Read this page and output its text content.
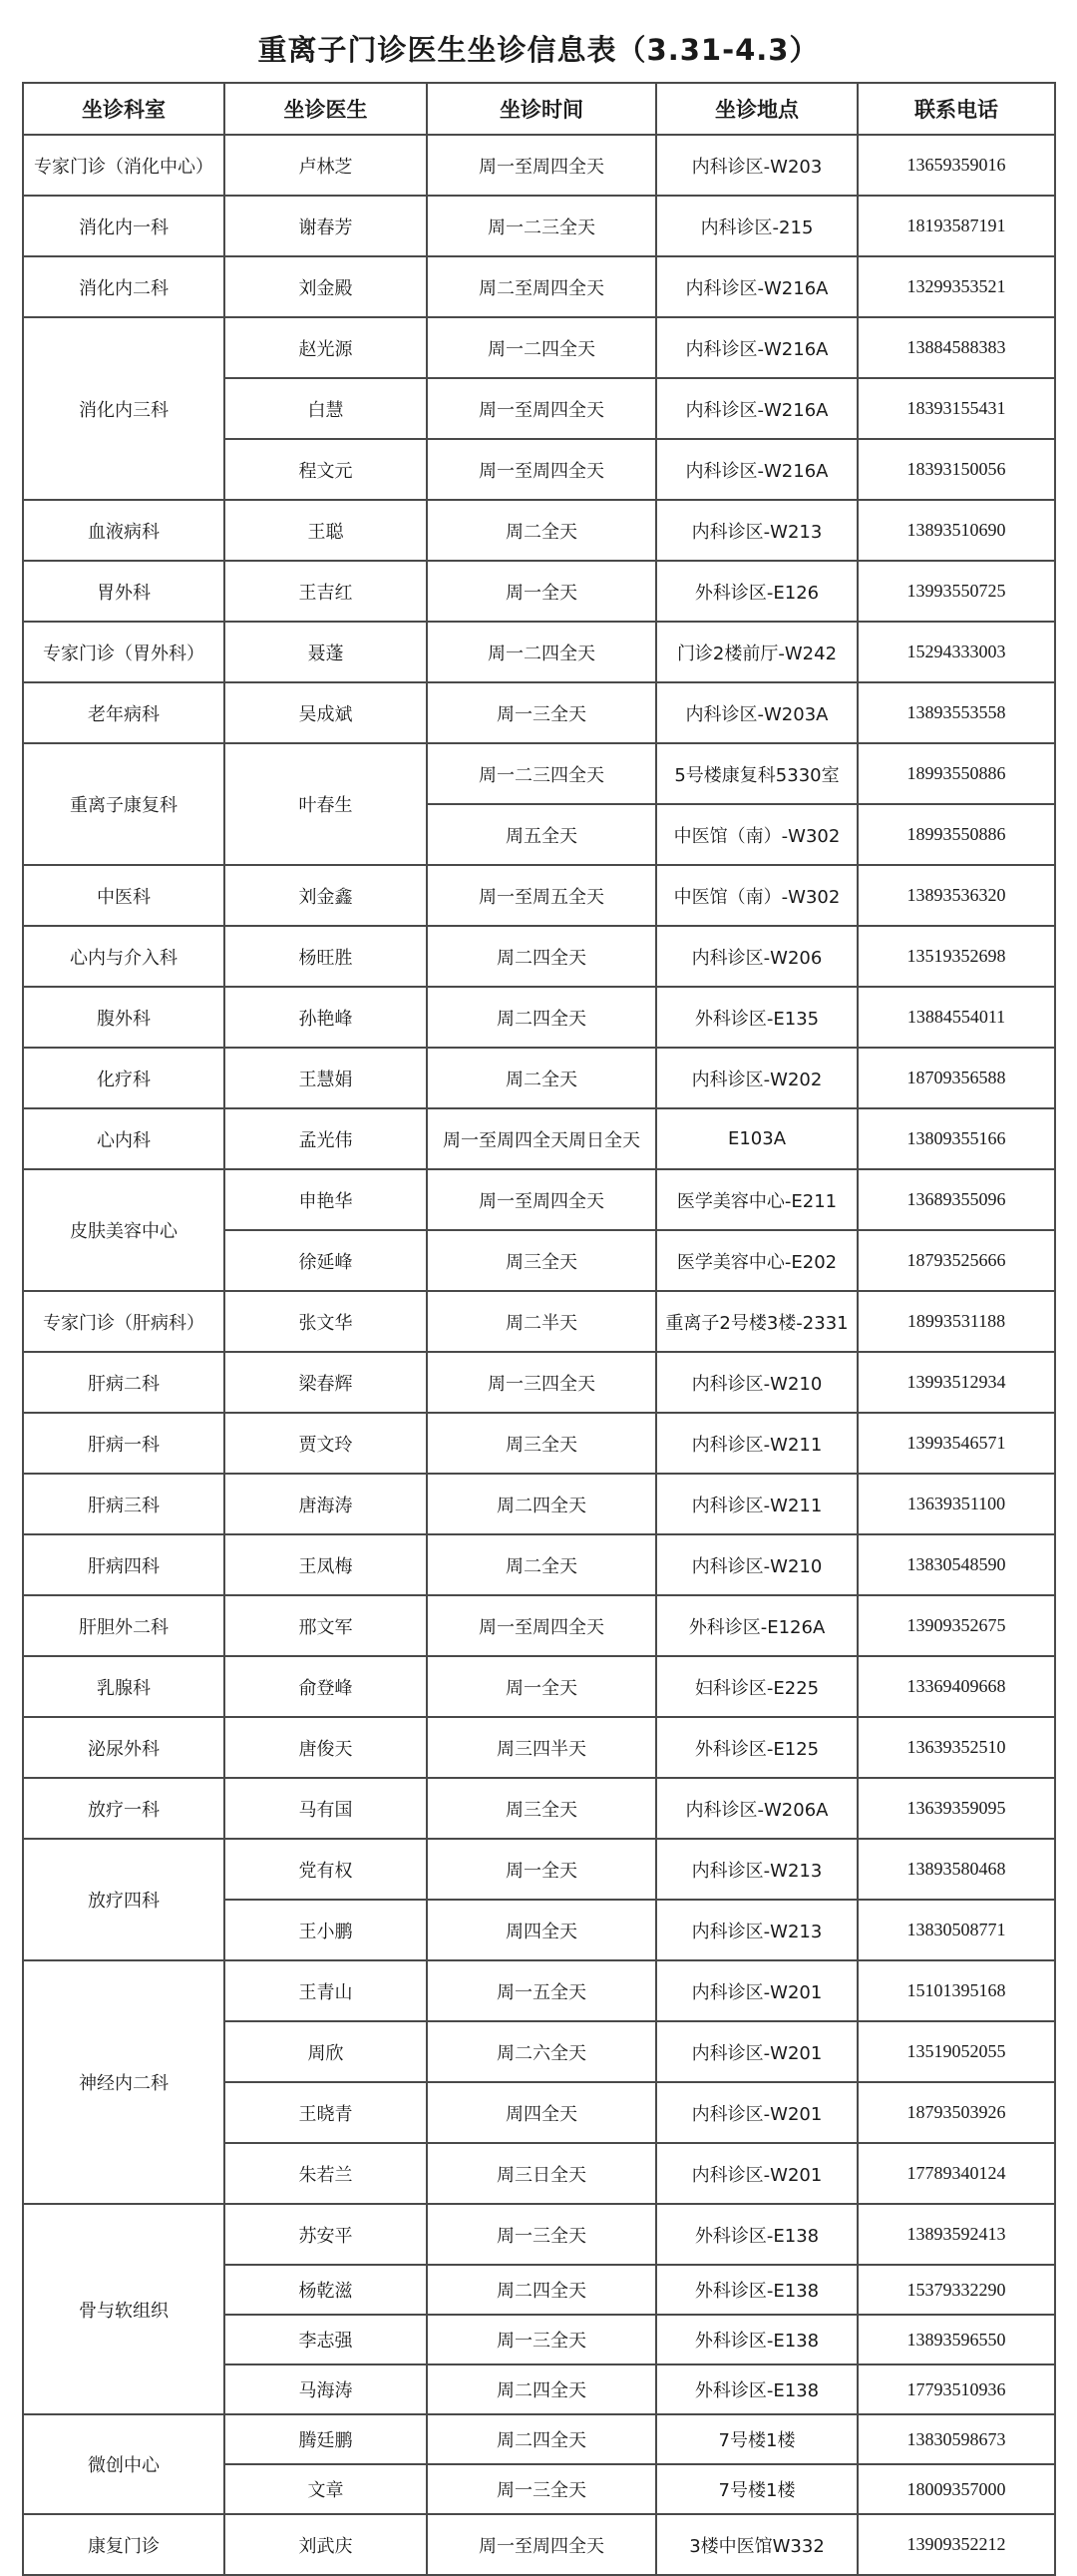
重离子门诊医生坐诊信息表（3.31-4.3）
坐诊科室	坐诊医生	坐诊时间	坐诊地点	联系电话
专家门诊（消化中心）	卢林芝	周一至周四全天	内科诊区-W203	13659359016
消化内一科	谢春芳	周一二三全天	内科诊区-215	18193587191
消化内二科	刘金殿	周二至周四全天	内科诊区-W216A	13299353521
消化内三科	赵光源	周一二四全天	内科诊区-W216A	13884588383
	白慧	周一至周四全天	内科诊区-W216A	18393155431
	程文元	周一至周四全天	内科诊区-W216A	18393150056
血液病科	王聪	周二全天	内科诊区-W213	13893510690
胃外科	王吉红	周一全天	外科诊区-E126	13993550725
专家门诊（胃外科）	聂蓬	周一二四全天	门诊2楼前厅-W242	15294333003
老年病科	吴成斌	周一三全天	内科诊区-W203A	13893553558
重离子康复科	叶春生	周一二三四全天	5号楼康复科5330室	18993550886
		周五全天	中医馆（南）-W302	18993550886
中医科	刘金鑫	周一至周五全天	中医馆（南）-W302	13893536320
心内与介入科	杨旺胜	周二四全天	内科诊区-W206	13519352698
腹外科	孙艳峰	周二四全天	外科诊区-E135	13884554011
化疗科	王慧娟	周二全天	内科诊区-W202	18709356588
心内科	孟光伟	周一至周四全天周日全天	E103A	13809355166
皮肤美容中心	申艳华	周一至周四全天	医学美容中心-E211	13689355096
	徐延峰	周三全天	医学美容中心-E202	18793525666
专家门诊（肝病科）	张文华	周二半天	重离子2号楼3楼-2331	18993531188
肝病二科	梁春辉	周一三四全天	内科诊区-W210	13993512934
肝病一科	贾文玲	周三全天	内科诊区-W211	13993546571
肝病三科	唐海涛	周二四全天	内科诊区-W211	13639351100
肝病四科	王凤梅	周二全天	内科诊区-W210	13830548590
肝胆外二科	邢文军	周一至周四全天	外科诊区-E126A	13909352675
乳腺科	俞登峰	周一全天	妇科诊区-E225	13369409668
泌尿外科	唐俊天	周三四半天	外科诊区-E125	13639352510
放疗一科	马有国	周三全天	内科诊区-W206A	13639359095
放疗四科	党有权	周一全天	内科诊区-W213	13893580468
	王小鹏	周四全天	内科诊区-W213	13830508771
神经内二科	王青山	周一五全天	内科诊区-W201	15101395168
	周欣	周二六全天	内科诊区-W201	13519052055
	王晓青	周四全天	内科诊区-W201	18793503926
	朱若兰	周三日全天	内科诊区-W201	17789340124
骨与软组织	苏安平	周一三全天	外科诊区-E138	13893592413
	杨乾滋	周二四全天	外科诊区-E138	15379332290
	李志强	周一三全天	外科诊区-E138	13893596550
	马海涛	周二四全天	外科诊区-E138	17793510936
微创中心	腾廷鹏	周二四全天	7号楼1楼	13830598673
	文章	周一三全天	7号楼1楼	18009357000
康复门诊	刘武庆	周一至周四全天	3楼中医馆W332	13909352212
